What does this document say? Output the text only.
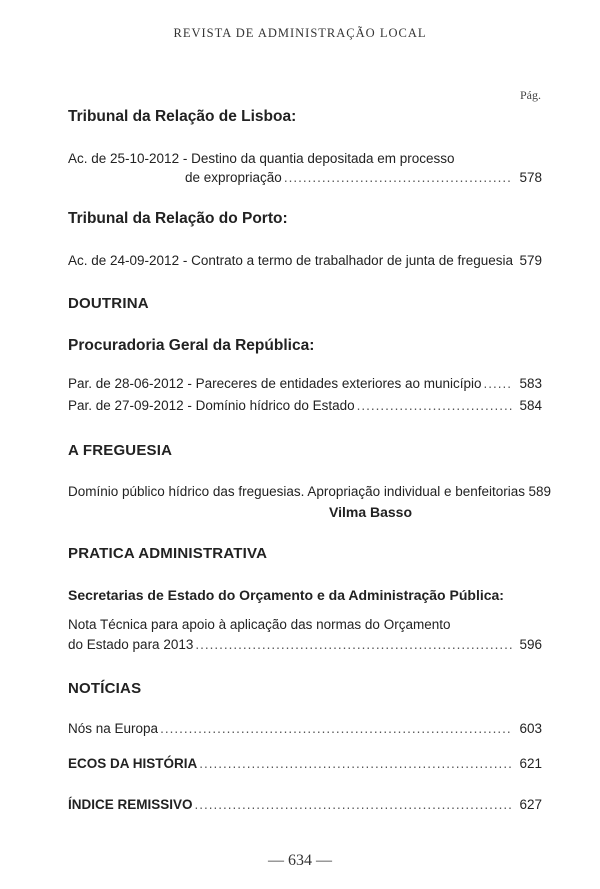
REVISTA DE ADMINISTRAÇÃO LOCAL
Pág.
Tribunal da Relação de Lisboa:
Ac. de 25-10-2012 - Destino da quantia depositada em processo
de expropriação .....	578
Tribunal da Relação do Porto:
Ac. de 24-09-2012 - Contrato a termo de trabalhador de junta de freguesia 579
DOUTRINA
Procuradoria Geral da República:
Par. de 28-06-2012 - Pareceres de entidades exteriores ao município .....	583
Par. de 27-09-2012 - Domínio hídrico do Estado .....	584
A FREGUESIA
Domínio público hídrico das freguesias. Apropriação individual e benfeitorias 589
Vilma Basso
PRATICA ADMINISTRATIVA
Secretarias de Estado do Orçamento e da Administração Pública:
Nota Técnica para apoio à aplicação das normas do Orçamento
do Estado para 2013 .....	596
NOTÍCIAS
Nós na Europa .....	603
ECOS DA HISTÓRIA .....	621
ÍNDICE REMISSIVO .....	627
— 634 —
